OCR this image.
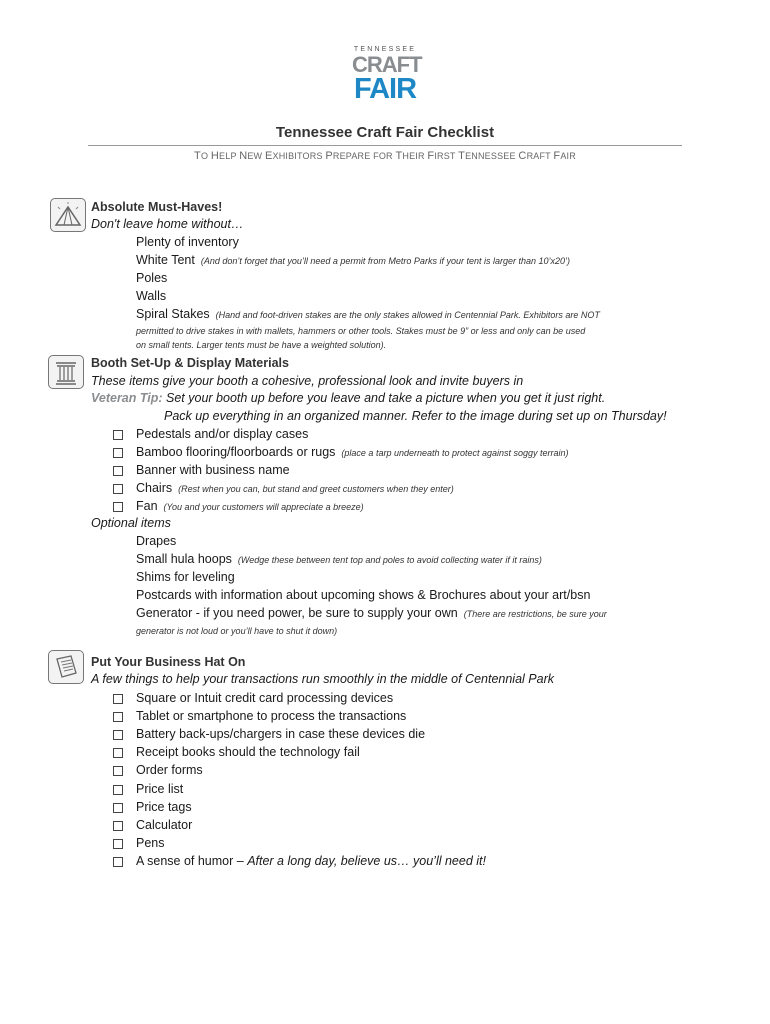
TENNESSEE
CRAFT
FAIR
Tennessee Craft Fair Checklist
TO HELP NEW EXHIBITORS PREPARE FOR THEIR FIRST TENNESSEE CRAFT FAIR
Absolute Must-Haves!
Don't leave home without…
Plenty of inventory
White Tent (And don’t forget that you’ll need a permit from Metro Parks if your tent is larger than 10’x20’)
Poles
Walls
Spiral Stakes (Hand and foot-driven stakes are the only stakes allowed in Centennial Park. Exhibitors are NOT
permitted to drive stakes in with mallets, hammers or other tools. Stakes must be 9” or less and only can be used
on small tents. Larger tents must be have a weighted solution).
Booth Set-Up & Display Materials
These items give your booth a cohesive, professional look and invite buyers in
Veteran Tip: Set your booth up before you leave and take a picture when you get it just right.
Pack up everything in an organized manner. Refer to the image during set up on Thursday!
Pedestals and/or display cases
Bamboo flooring/floorboards or rugs (place a tarp underneath to protect against soggy terrain)
Banner with business name
Chairs (Rest when you can, but stand and greet customers when they enter)
Fan (You and your customers will appreciate a breeze)
Optional items
Drapes
Small hula hoops (Wedge these between tent top and poles to avoid collecting water if it rains)
Shims for leveling
Postcards with information about upcoming shows & Brochures about your art/bsn
Generator - if you need power, be sure to supply your own (There are restrictions, be sure your
generator is not loud or you’ll have to shut it down)
Put Your Business Hat On
A few things to help your transactions run smoothly in the middle of Centennial Park
Square or Intuit credit card processing devices
Tablet or smartphone to process the transactions
Battery back-ups/chargers in case these devices die
Receipt books should the technology fail
Order forms
Price list
Price tags
Calculator
Pens
A sense of humor – After a long day, believe us… you’ll need it!
